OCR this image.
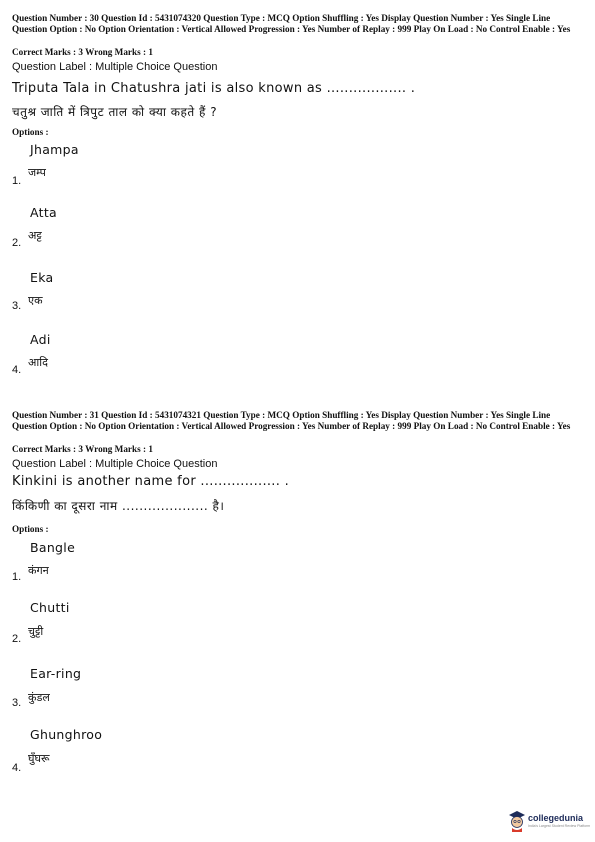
Question Number : 30 Question Id : 5431074320 Question Type : MCQ Option Shuffling : Yes Display Question Number : Yes Single Line Question Option : No Option Orientation : Vertical Allowed Progression : Yes Number of Replay : 999 Play On Load : No Control Enable : Yes
Correct Marks : 3 Wrong Marks : 1
Question Label : Multiple Choice Question
Triputa Tala in Chatushra jati is also known as .................. .
चतुश्र जाति में त्रिपुट ताल को क्या कहते हैं ?
Options :
Jhampa
जम्प
1.
Atta
अट्ट
2.
Eka
एक
3.
Adi
आदि
4.
Question Number : 31 Question Id : 5431074321 Question Type : MCQ Option Shuffling : Yes Display Question Number : Yes Single Line Question Option : No Option Orientation : Vertical Allowed Progression : Yes Number of Replay : 999 Play On Load : No Control Enable : Yes
Correct Marks : 3 Wrong Marks : 1
Question Label : Multiple Choice Question
Kinkini is another name for .................. .
किंकिणी का दूसरा नाम .................... है।
Options :
Bangle
कंगन
1.
Chutti
चुट्टी
2.
Ear-ring
कुंडल
3.
Ghunghroo
घुँघरू
4.
collegedunia
India's Largest Student Review Platform
